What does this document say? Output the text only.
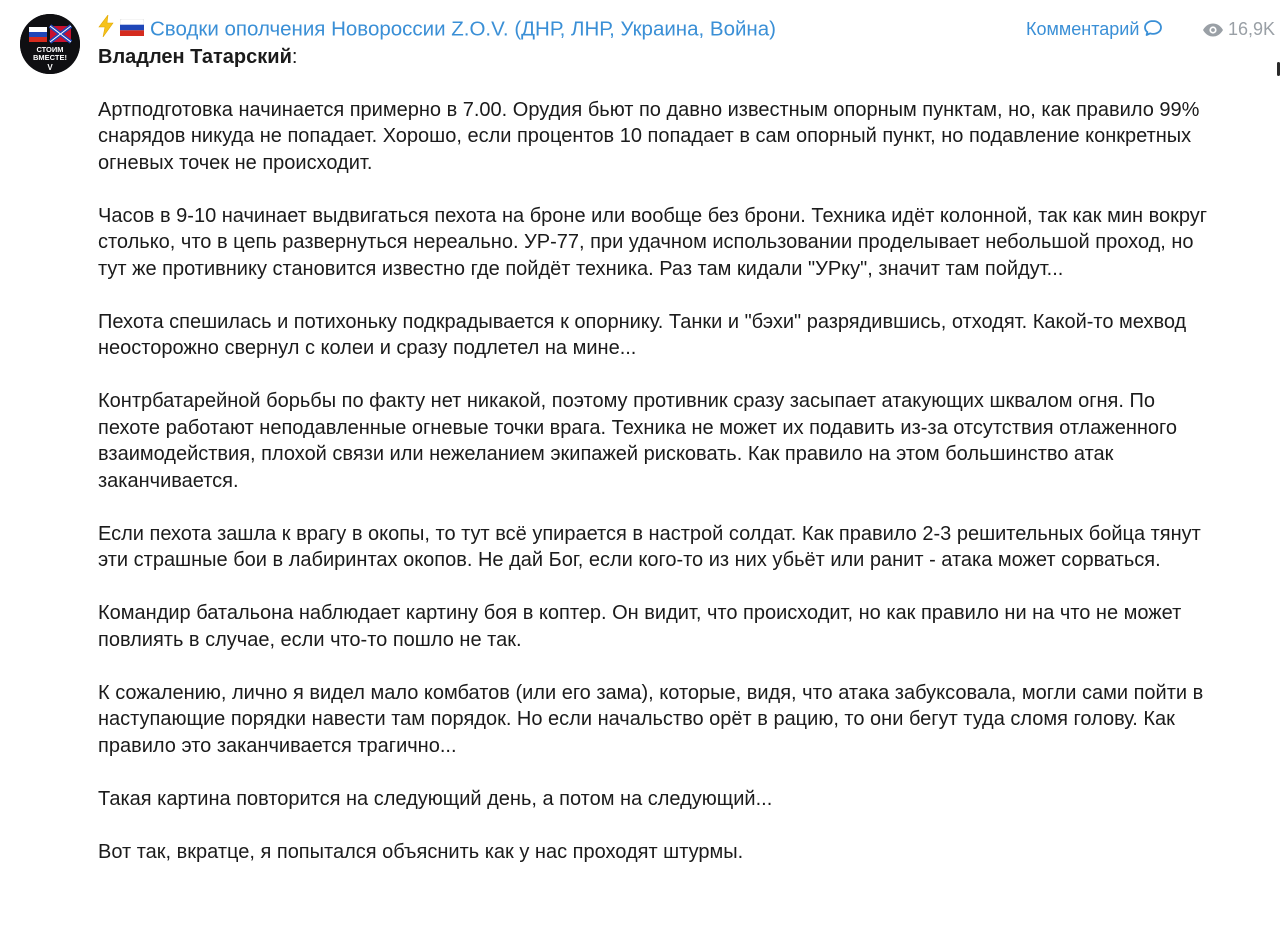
СТОИМ
ВМЕСТЕ!
V
Сводки ополчения Новороссии Z.O.V. (ДНР, ЛНР, Украина, Война)	Комментарий	16,9K

Владлен Татарский:

Артподготовка начинается примерно в 7.00. Орудия бьют по давно известным опорным пунктам, но, как правило 99% снарядов никуда не попадает. Хорошо, если процентов 10 попадает в сам опорный пункт, но подавление конкретных огневых точек не происходит.

Часов в 9-10 начинает выдвигаться пехота на броне или вообще без брони. Техника идёт колонной, так как мин вокруг столько, что в цепь развернуться нереально. УР-77, при удачном использовании проделывает небольшой проход, но тут же противнику становится известно где пойдёт техника. Раз там кидали "УРку", значит там пойдут...

Пехота спешилась и потихоньку подкрадывается к опорнику. Танки и "бэхи" разрядившись, отходят. Какой-то мехвод неосторожно свернул с колеи и сразу подлетел на мине...

Контрбатарейной борьбы по факту нет никакой, поэтому противник сразу засыпает атакующих шквалом огня. По пехоте работают неподавленные огневые точки врага. Техника не может их подавить из-за отсутствия отлаженного взаимодействия, плохой связи или нежеланием экипажей рисковать. Как правило на этом большинство атак заканчивается.

Если пехота зашла к врагу в окопы, то тут всё упирается в настрой солдат. Как правило 2-3 решительных бойца тянут эти страшные бои в лабиринтах окопов. Не дай Бог, если кого-то из них убьёт или ранит - атака может сорваться.

Командир батальона наблюдает картину боя в коптер. Он видит, что происходит, но как правило ни на что не может повлиять в случае, если что-то пошло не так.

К сожалению, лично я видел мало комбатов (или его зама), которые, видя, что атака забуксовала, могли сами пойти в наступающие порядки навести там порядок. Но если начальство орёт в рацию, то они бегут туда сломя голову. Как правило это заканчивается трагично...

Такая картина повторится на следующий день, а потом на следующий...

Вот так, вкратце, я попытался объяснить как у нас проходят штурмы.
